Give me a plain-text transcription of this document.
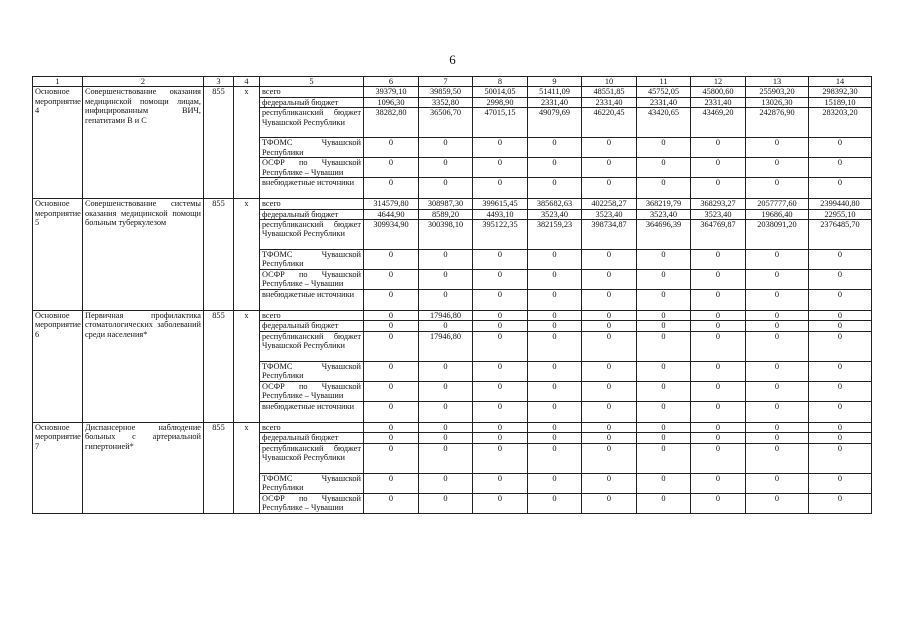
6
1	2	3	4	5	6	7	8	9	10	11	12	13	14
Основное мероприятие 4	Совершенствование оказания медицинской помощи лицам, инфицированным ВИЧ, гепатитами В и С	855	x	всего	39379,10	39859,50	50014,05	51411,09	48551,85	45752,05	45800,60	255903,20	298392,30
				федеральный бюджет	1096,30	3352,80	2998,90	2331,40	2331,40	2331,40	2331,40	13026,30	15189,10
				республиканский бюджет Чувашской Республики	38282,80	36506,70	47015,15	49079,69	46220,45	43420,65	43469,20	242876,90	283203,20
				ТФОМС Чувашской Республики	0	0	0	0	0	0	0	0	0
				ОСФР по Чувашской Республике – Чувашии	0	0	0	0	0	0	0	0	0
				внебюджетные источники	0	0	0	0	0	0	0	0	0
Основное мероприятие 5	Совершенствование системы оказания медицинской помощи больным туберкулезом	855	x	всего	314579,80	308987,30	399615,45	385682,63	402258,27	368219,79	368293,27	2057777,60	2399440,80
				федеральный бюджет	4644,90	8589,20	4493,10	3523,40	3523,40	3523,40	3523,40	19686,40	22955,10
				республиканский бюджет Чувашской Республики	309934,90	300398,10	395122,35	382159,23	398734,87	364696,39	364769,87	2038091,20	2376485,70
				ТФОМС Чувашской Республики	0	0	0	0	0	0	0	0	0
				ОСФР по Чувашской Республике – Чувашии	0	0	0	0	0	0	0	0	0
				внебюджетные источники	0	0	0	0	0	0	0	0	0
Основное мероприятие 6	Первичная профилактика стоматологических заболеваний среди населения*	855	x	всего	0	17946,80	0	0	0	0	0	0	0
				федеральный бюджет	0	0	0	0	0	0	0	0	0
				республиканский бюджет Чувашской Республики	0	17946,80	0	0	0	0	0	0	0
				ТФОМС Чувашской Республики	0	0	0	0	0	0	0	0	0
				ОСФР по Чувашской Республике – Чувашии	0	0	0	0	0	0	0	0	0
				внебюджетные источники	0	0	0	0	0	0	0	0	0
Основное мероприятие 7	Диспансерное наблюдение больных с артериальной гипертонией*	855	x	всего	0	0	0	0	0	0	0	0	0
				федеральный бюджет	0	0	0	0	0	0	0	0	0
				республиканский бюджет Чувашской Республики	0	0	0	0	0	0	0	0	0
				ТФОМС Чувашской Республики	0	0	0	0	0	0	0	0	0
				ОСФР по Чувашской Республике – Чувашии	0	0	0	0	0	0	0	0	0
